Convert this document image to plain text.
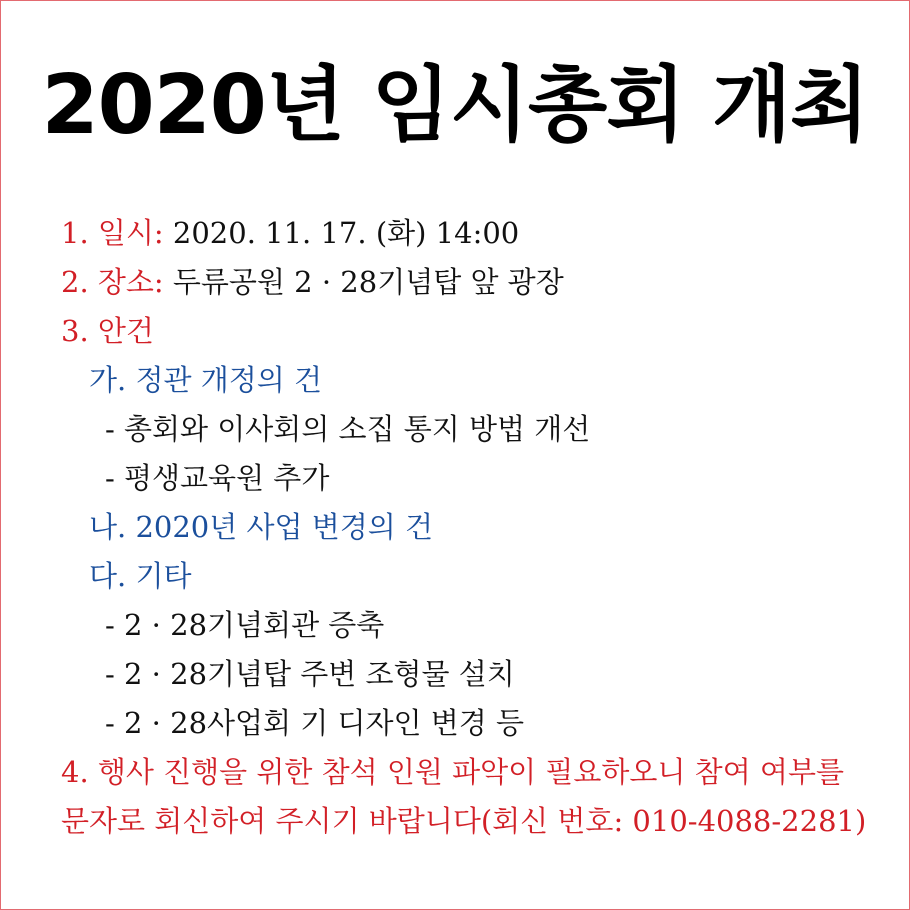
2020년 임시총회 개최
1. 일시: 2020. 11. 17. (화) 14:00
2. 장소: 두류공원 2 · 28기념탑 앞 광장
3. 안건
가. 정관 개정의 건
- 총회와 이사회의 소집 통지 방법 개선
- 평생교육원 추가
나. 2020년 사업 변경의 건
다. 기타
- 2 · 28기념회관 증축
- 2 · 28기념탑 주변 조형물 설치
- 2 · 28사업회 기 디자인 변경 등
4. 행사 진행을 위한 참석 인원 파악이 필요하오니 참여 여부를
문자로 회신하여 주시기 바랍니다(회신 번호: 010-4088-2281)
